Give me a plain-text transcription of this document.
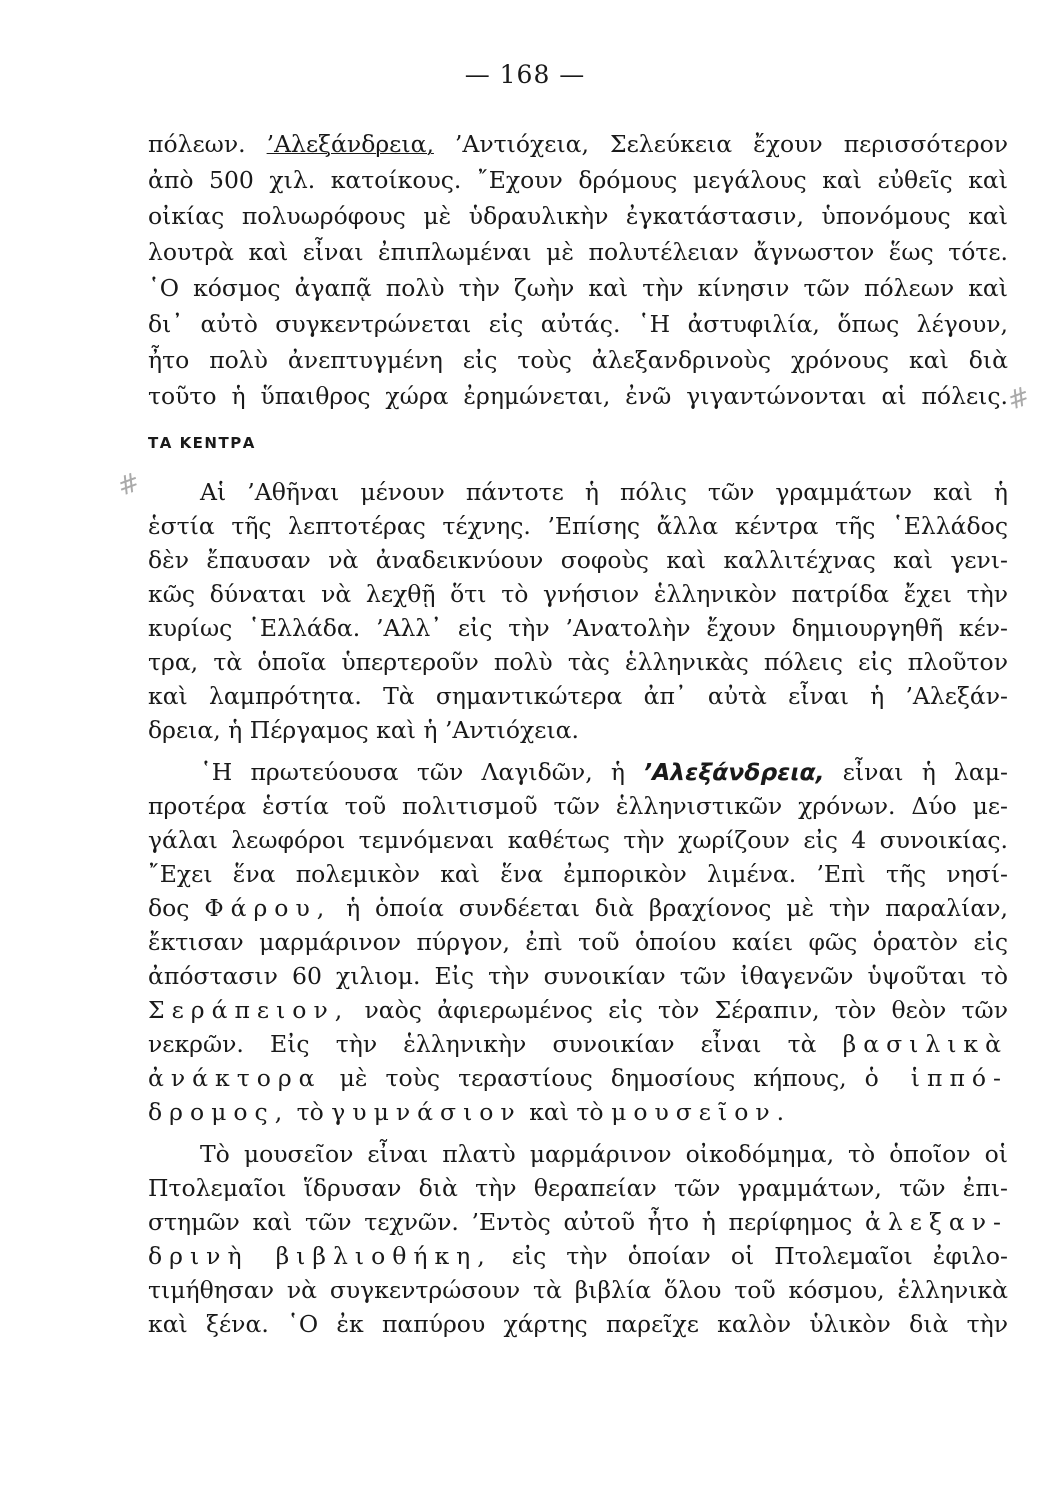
— 168 —
πόλεων. ’Αλεξάνδρεια, ’Αντιόχεια, Σελεύκεια ἔχουν περισσότερον
ἀπὸ 500 χιλ. κατοίκους. ῎Εχουν δρόμους μεγάλους καὶ εὐθεῖς καὶ
οἰκίας πολυωρόφους μὲ ὑδραυλικὴν ἐγκατάστασιν, ὑπονόμους καὶ
λουτρὰ καὶ εἶναι ἐπιπλωμέναι μὲ πολυτέλειαν ἄγνωστον ἕως τότε.
῾Ο κόσμος ἀγαπᾷ πολὺ τὴν ζωὴν καὶ τὴν κίνησιν τῶν πόλεων καὶ
δι᾿ αὐτὸ συγκεντρώνεται εἰς αὐτάς. ῾Η ἀστυφιλία, ὅπως λέγουν,
ἦτο πολὺ ἀνεπτυγμένη εἰς τοὺς ἀλεξανδρινοὺς χρόνους καὶ διὰ
τοῦτο ἡ ὕπαιθρος χώρα ἐρημώνεται, ἐνῶ γιγαντώνονται αἱ πόλεις.
#
ΤΑ ΚΕΝΤΡΑ
# Αἱ ’Αθῆναι μένουν πάντοτε ἡ πόλις τῶν γραμμάτων καὶ ἡ
ἑστία τῆς λεπτοτέρας τέχνης. ’Επίσης ἄλλα κέντρα τῆς ῾Ελλάδος
δὲν ἔπαυσαν νὰ ἀναδεικνύουν σοφοὺς καὶ καλλιτέχνας καὶ γενι-
κῶς δύναται νὰ λεχθῇ ὅτι τὸ γνήσιον ἑλληνικὸν πατρίδα ἔχει τὴν
κυρίως ῾Ελλάδα. ’Αλλ᾿ εἰς τὴν ’Ανατολὴν ἔχουν δημιουργηθῆ κέν-
τρα, τὰ ὁποῖα ὑπερτεροῦν πολὺ τὰς ἑλληνικὰς πόλεις εἰς πλοῦτον
καὶ λαμπρότητα. Τὰ σημαντικώτερα ἀπ᾿ αὐτὰ εἶναι ἡ ’Αλεξάν-
δρεια, ἡ Πέργαμος καὶ ἡ ’Αντιόχεια.
῾Η πρωτεύουσα τῶν Λαγιδῶν, ἡ ’Αλεξάνδρεια, εἶναι ἡ λαμ-
προτέρα ἑστία τοῦ πολιτισμοῦ τῶν ἑλληνιστικῶν χρόνων. Δύο με-
γάλαι λεωφόροι τεμνόμεναι καθέτως τὴν χωρίζουν εἰς 4 συνοικίας.
῎Εχει ἕνα πολεμικὸν καὶ ἕνα ἐμπορικὸν λιμένα. ’Επὶ τῆς νησί-
δος Φάρου, ἡ ὁποία συνδέεται διὰ βραχίονος μὲ τὴν παραλίαν,
ἔκτισαν μαρμάρινον πύργον, ἐπὶ τοῦ ὁποίου καίει φῶς ὁρατὸν εἰς
ἀπόστασιν 60 χιλιομ. Εἰς τὴν συνοικίαν τῶν ἰθαγενῶν ὑψοῦται τὸ
Σεράπειον, ναὸς ἀφιερωμένος εἰς τὸν Σέραπιν, τὸν θεὸν τῶν
νεκρῶν. Εἰς τὴν ἑλληνικὴν συνοικίαν εἶναι τὰ βασιλικὰ
ἀνάκτορα μὲ τοὺς τεραστίους δημοσίους κήπους, ὁ ἱππό-
δρομος, τὸ γυμνάσιον καὶ τὸ μουσεῖον.
Τὸ μουσεῖον εἶναι πλατὺ μαρμάρινον οἰκοδόμημα, τὸ ὁποῖον οἱ
Πτολεμαῖοι ἵδρυσαν διὰ τὴν θεραπείαν τῶν γραμμάτων, τῶν ἐπι-
στημῶν καὶ τῶν τεχνῶν. ’Εντὸς αὐτοῦ ἦτο ἡ περίφημος ἀλεξαν-
δρινὴ βιβλιοθήκη, εἰς τὴν ὁποίαν οἱ Πτολεμαῖοι ἐφιλο-
τιμήθησαν νὰ συγκεντρώσουν τὰ βιβλία ὅλου τοῦ κόσμου, ἑλληνικὰ
καὶ ξένα. ῾Ο ἐκ παπύρου χάρτης παρεῖχε καλὸν ὑλικὸν διὰ τὴν
